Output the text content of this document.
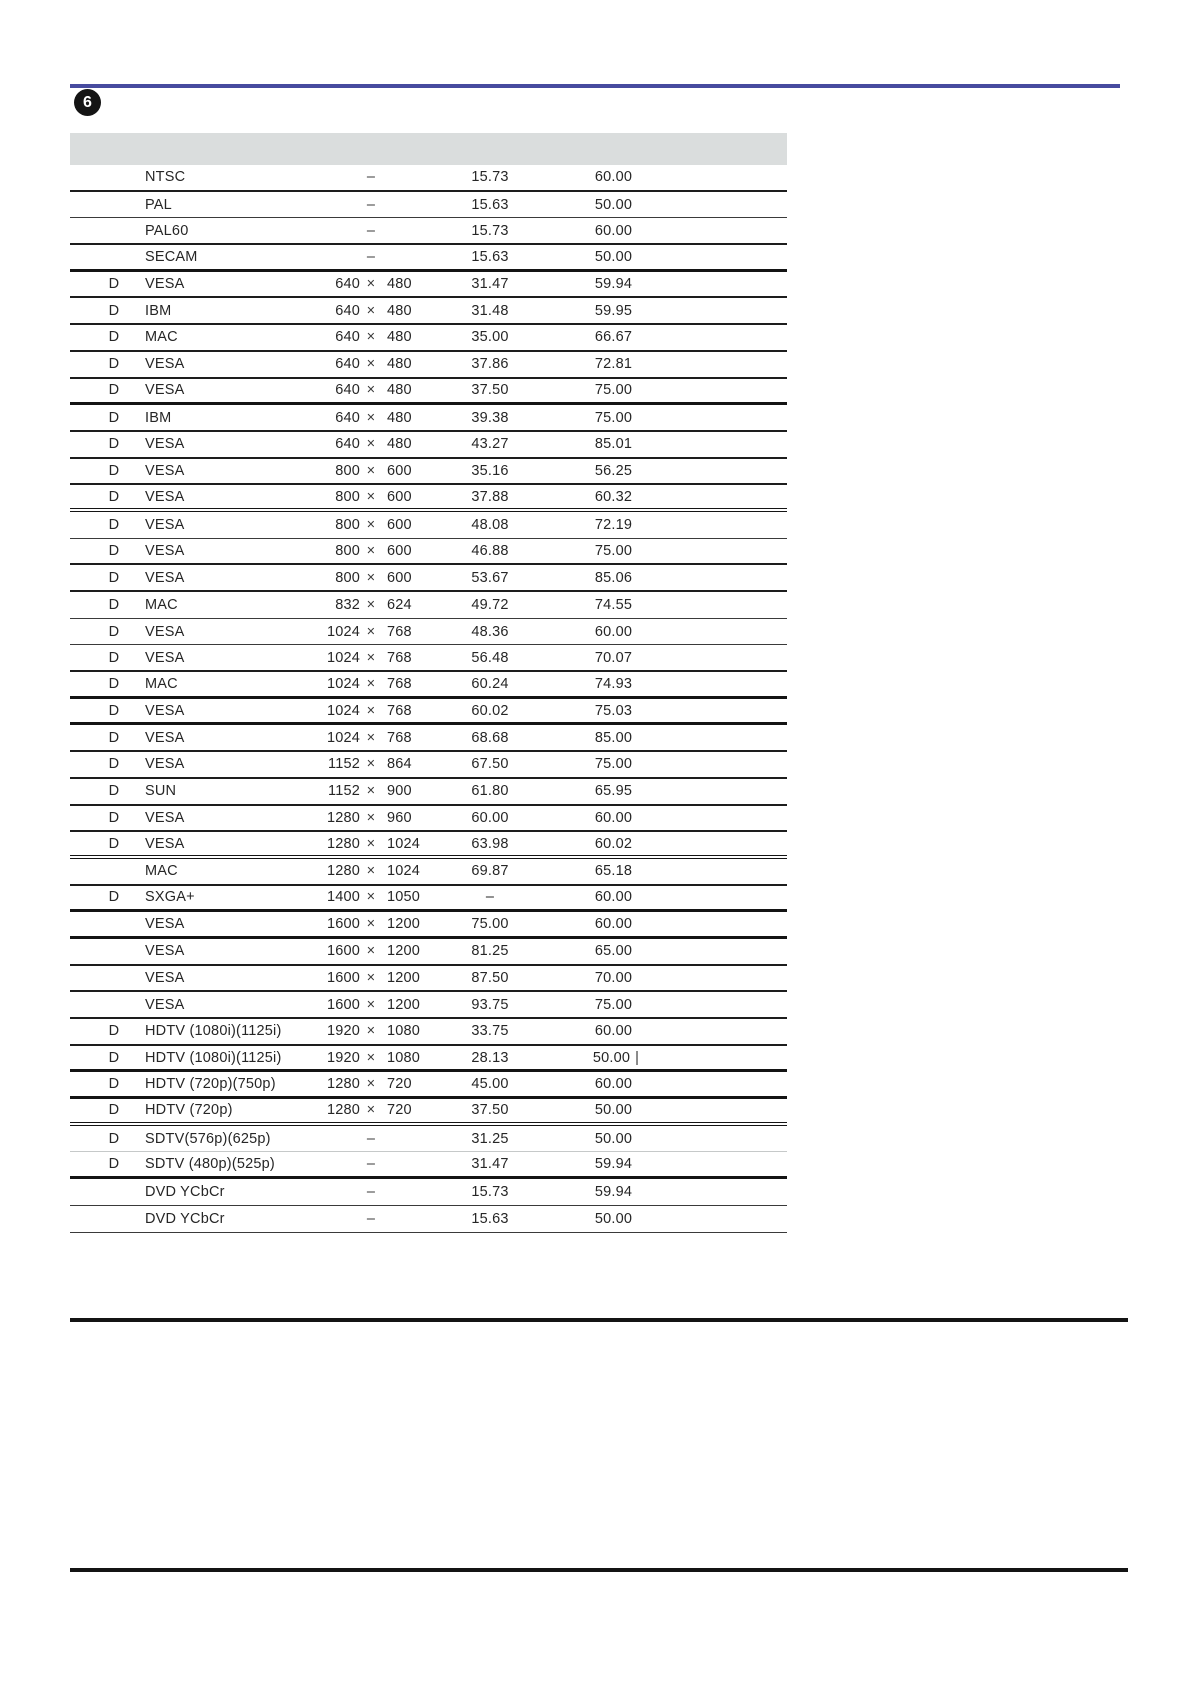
6
NTSC	–	15.73	60.00
PAL	–	15.63	50.00
PAL60	–	15.73	60.00
SECAM	–	15.63	50.00
D	VESA	640 × 480	31.47	59.94
D	IBM	640 × 480	31.48	59.95
D	MAC	640 × 480	35.00	66.67
D	VESA	640 × 480	37.86	72.81
D	VESA	640 × 480	37.50	75.00
D	IBM	640 × 480	39.38	75.00
D	VESA	640 × 480	43.27	85.01
D	VESA	800 × 600	35.16	56.25
D	VESA	800 × 600	37.88	60.32
D	VESA	800 × 600	48.08	72.19
D	VESA	800 × 600	46.88	75.00
D	VESA	800 × 600	53.67	85.06
D	MAC	832 × 624	49.72	74.55
D	VESA	1024 × 768	48.36	60.00
D	VESA	1024 × 768	56.48	70.07
D	MAC	1024 × 768	60.24	74.93
D	VESA	1024 × 768	60.02	75.03
D	VESA	1024 × 768	68.68	85.00
D	VESA	1152 × 864	67.50	75.00
D	SUN	1152 × 900	61.80	65.95
D	VESA	1280 × 960	60.00	60.00
D	VESA	1280 × 1024	63.98	60.02
MAC	1280 × 1024	69.87	65.18
D	SXGA+	1400 × 1050	–	60.00
VESA	1600 × 1200	75.00	60.00
VESA	1600 × 1200	81.25	65.00
VESA	1600 × 1200	87.50	70.00
VESA	1600 × 1200	93.75	75.00
D	HDTV (1080i)(1125i)	1920 × 1080	33.75	60.00
D	HDTV (1080i)(1125i)	1920 × 1080	28.13	50.00 |
D	HDTV (720p)(750p)	1280 × 720	45.00	60.00
D	HDTV (720p)	1280 × 720	37.50	50.00
D	SDTV(576p)(625p)	–	31.25	50.00
D	SDTV (480p)(525p)	–	31.47	59.94
DVD YCbCr	–	15.73	59.94
DVD YCbCr	–	15.63	50.00
